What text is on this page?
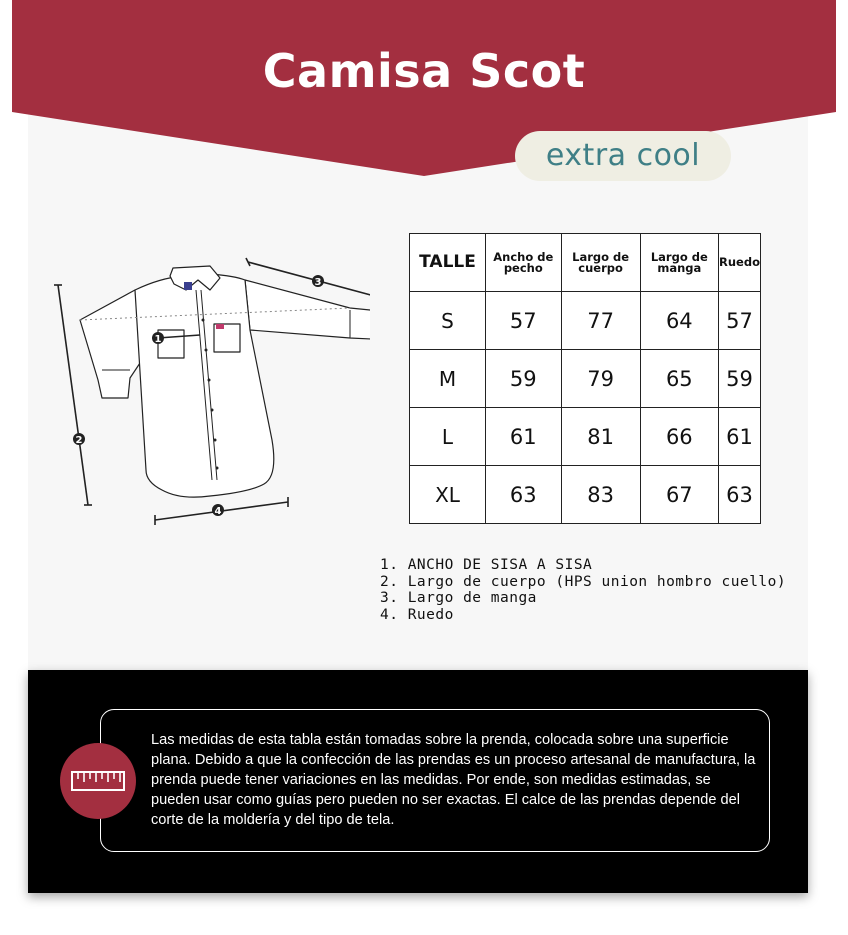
Camisa Scot
extra cool
1
2
3
4
TALLE	Ancho de pecho	Largo de cuerpo	Largo de manga	Ruedo
S	57	77	64	57
M	59	79	65	59
L	61	81	66	61
XL	63	83	67	63
1. ANCHO DE SISA A SISA
2. Largo de cuerpo (HPS union hombro cuello)
3. Largo de manga
4. Ruedo
Las medidas de esta tabla están tomadas sobre la prenda, colocada sobre una superficie plana. Debido a que la confección de las prendas es un proceso artesanal de manufactura, la prenda puede tener variaciones en las medidas. Por ende, son medidas estimadas, se pueden usar como guías pero pueden no ser exactas. El calce de las prendas depende del corte de la moldería y del tipo de tela.
